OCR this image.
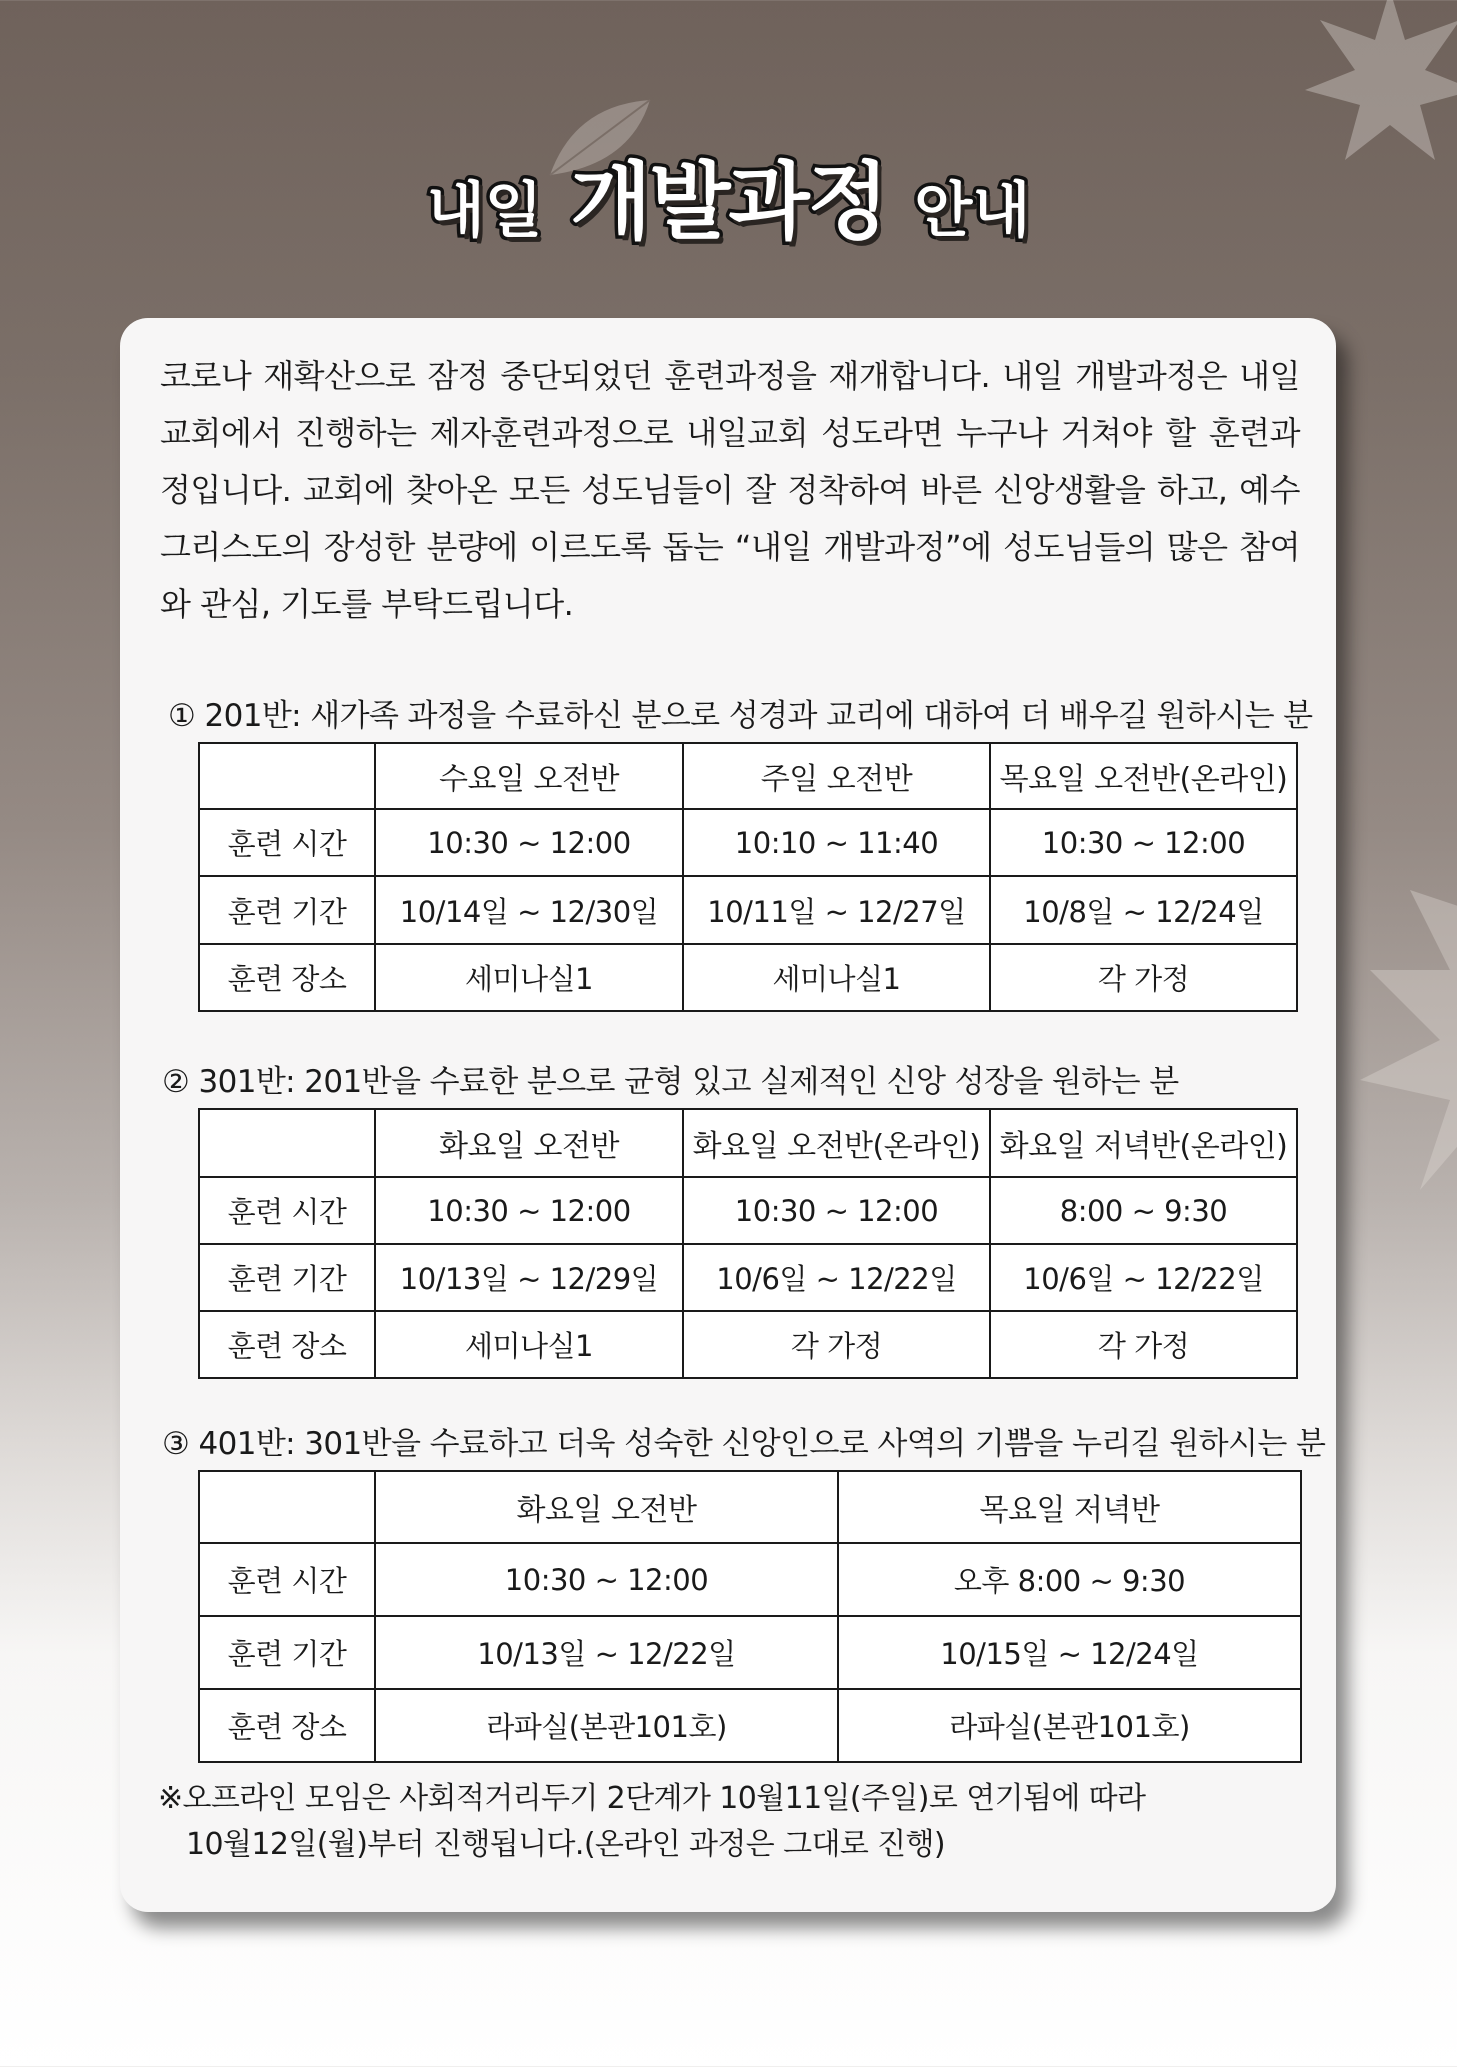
내일 개발과정 안내
코로나 재확산으로 잠정 중단되었던 훈련과정을 재개합니다. 내일 개발과정은 내일교회에서 진행하는 제자훈련과정으로 내일교회 성도라면 누구나 거쳐야 할 훈련과정입니다. 교회에 찾아온 모든 성도님들이 잘 정착하여 바른 신앙생활을 하고, 예수그리스도의 장성한 분량에 이르도록 돕는 “내일 개발과정”에 성도님들의 많은 참여와 관심, 기도를 부탁드립니다.
① 201반: 새가족 과정을 수료하신 분으로 성경과 교리에 대하여 더 배우길 원하시는 분
	수요일 오전반	주일 오전반	목요일 오전반(온라인)
훈련 시간	10:30 ~ 12:00	10:10 ~ 11:40	10:30 ~ 12:00
훈련 기간	10/14일 ~ 12/30일	10/11일 ~ 12/27일	10/8일 ~ 12/24일
훈련 장소	세미나실1	세미나실1	각 가정
② 301반: 201반을 수료한 분으로 균형 있고 실제적인 신앙 성장을 원하는 분
	화요일 오전반	화요일 오전반(온라인)	화요일 저녁반(온라인)
훈련 시간	10:30 ~ 12:00	10:30 ~ 12:00	8:00 ~ 9:30
훈련 기간	10/13일 ~ 12/29일	10/6일 ~ 12/22일	10/6일 ~ 12/22일
훈련 장소	세미나실1	각 가정	각 가정
③ 401반: 301반을 수료하고 더욱 성숙한 신앙인으로 사역의 기쁨을 누리길 원하시는 분
	화요일 오전반	목요일 저녁반
훈련 시간	10:30 ~ 12:00	오후 8:00 ~ 9:30
훈련 기간	10/13일 ~ 12/22일	10/15일 ~ 12/24일
훈련 장소	라파실(본관101호)	라파실(본관101호)
※오프라인 모임은 사회적거리두기 2단계가 10월11일(주일)로 연기됨에 따라
10월12일(월)부터 진행됩니다.(온라인 과정은 그대로 진행)
